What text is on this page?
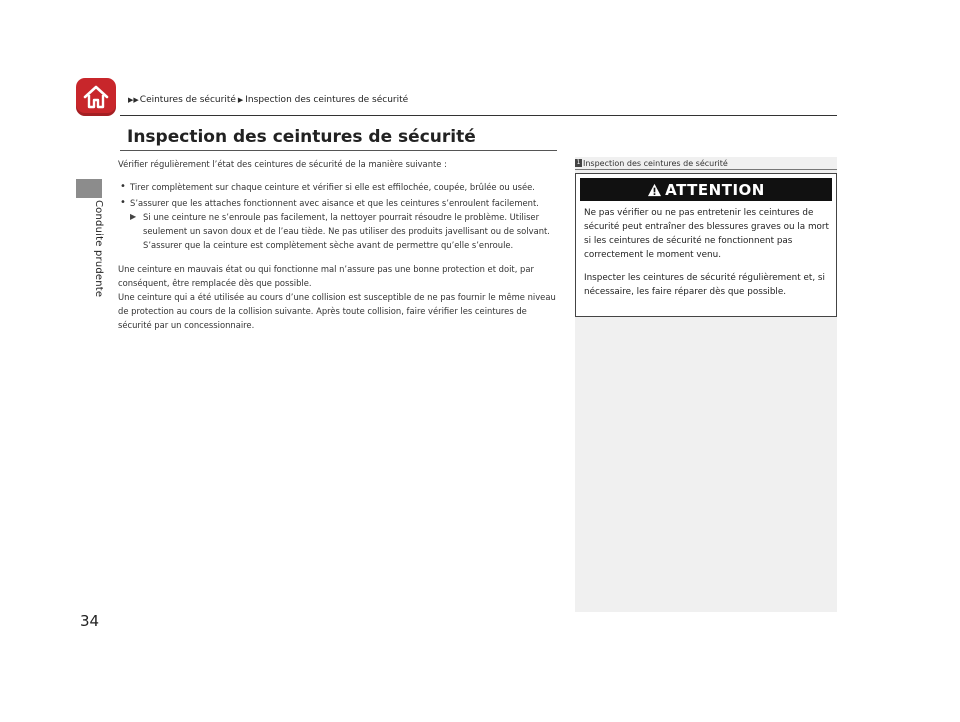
Conduite prudente
▶▶ Ceintures de sécurité ▶ Inspection des ceintures de sécurité
Inspection des ceintures de sécurité

Vérifier régulièrement l’état des ceintures de sécurité de la manière suivante :

• Tirer complètement sur chaque ceinture et vérifier si elle est effilochée, coupée, brûlée ou usée.
• S’assurer que les attaches fonctionnent avec aisance et que les ceintures s’enroulent facilement.
▶ Si une ceinture ne s’enroule pas facilement, la nettoyer pourrait résoudre le problème. Utiliser seulement un savon doux et de l’eau tiède. Ne pas utiliser des produits javellisant ou de solvant. S’assurer que la ceinture est complètement sèche avant de permettre qu’elle s’enroule.

Une ceinture en mauvais état ou qui fonctionne mal n’assure pas une bonne protection et doit, par conséquent, être remplacée dès que possible.

Une ceinture qui a été utilisée au cours d’une collision est susceptible de ne pas fournir le même niveau de protection au cours de la collision suivante. Après toute collision, faire vérifier les ceintures de sécurité par un concessionnaire.

1 Inspection des ceintures de sécurité
ATTENTION

Ne pas vérifier ou ne pas entretenir les ceintures de sécurité peut entraîner des blessures graves ou la mort si les ceintures de sécurité ne fonctionnent pas correctement le moment venu.

Inspecter les ceintures de sécurité régulièrement et, si nécessaire, les faire réparer dès que possible.

34
